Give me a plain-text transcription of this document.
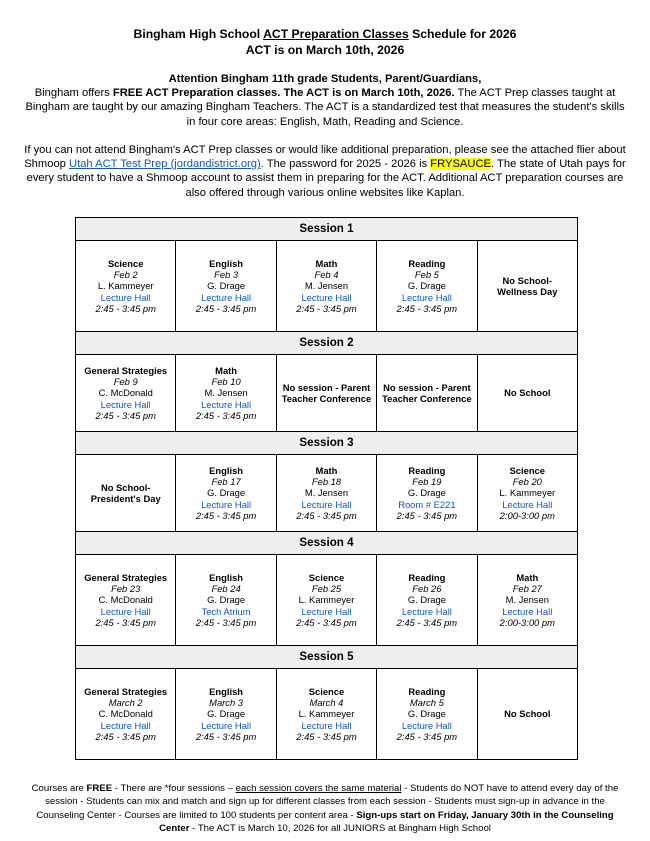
Bingham High School ACT Preparation Classes Schedule for 2026
ACT is on March 10th, 2026
Attention Bingham 11th grade Students, Parent/Guardians,
Bingham offers FREE ACT Preparation classes. The ACT is on March 10th, 2026. The ACT Prep classes taught at Bingham are taught by our amazing Bingham Teachers. The ACT is a standardized test that measures the student's skills in four core areas: English, Math, Reading and Science.
If you can not attend Bingham's ACT Prep classes or would like additional preparation, please see the attached flier about Shmoop Utah ACT Test Prep (jordandistrict.org). The password for 2025 - 2026 is FRYSAUCE. The state of Utah pays for every student to have a Shmoop account to assist them in preparing for the ACT. Additional ACT preparation courses are also offered through various online websites like Kaplan.
Session 1				

Science
Feb 2
L. Kammeyer
Lecture Hall
2:45 - 3:45 pm	English
Feb 3
G. Drage
Lecture Hall
2:45 - 3:45 pm	Math
Feb 4
M. Jensen
Lecture Hall
2:45 - 3:45 pm	Reading
Feb 5
G. Drage
Lecture Hall
2:45 - 3:45 pm	No School-
Wellness Day
Session 2				

General Strategies
Feb 9
C. McDonald
Lecture Hall
2:45 - 3:45 pm	Math
Feb 10
M. Jensen
Lecture Hall
2:45 - 3:45 pm	No session - Parent Teacher Conference	No session - Parent Teacher Conference	No School
Session 3				
No School-
President's Day	English
Feb 17
G. Drage
Lecture Hall
2:45 - 3:45 pm	Math
Feb 18
M. Jensen
Lecture Hall
2:45 - 3:45 pm	Reading
Feb 19
G. Drage
Room # E221
2:45 - 3:45 pm	Science
Feb 20
L. Kammeyer
Lecture Hall
2:00-3:00 pm

Session 4				

General Strategies
Feb 23
C. McDonald
Lecture Hall
2:45 - 3:45 pm	English
Feb 24
G. Drage
Tech Atrium
2:45 - 3:45 pm	Science
Feb 25
L. Kammeyer
Lecture Hall
2:45 - 3:45 pm	Reading
Feb 26
G. Drage
Lecture Hall
2:45 - 3:45 pm	Math
Feb 27
M. Jensen
Lecture Hall
2:00-3:00 pm

Session 5				

General Strategies
March 2
C. McDonald
Lecture Hall
2:45 - 3:45 pm	English
March 3
G. Drage
Lecture Hall
2:45 - 3:45 pm	Science
March 4
L. Kammeyer
Lecture Hall
2:45 - 3:45 pm	Reading
March 5
G. Drage
Lecture Hall
2:45 - 3:45 pm	No School
Courses are FREE - There are *four sessions – each session covers the same material - Students do NOT have to attend every day of the session - Students can mix and match and sign up for different classes from each session - Students must sign-up in advance in the Counseling Center - Courses are limited to 100 students per content area - Sign-ups start on Friday, January 30th in the Counseling Center - The ACT is March 10, 2026 for all JUNIORS at Bingham High School
